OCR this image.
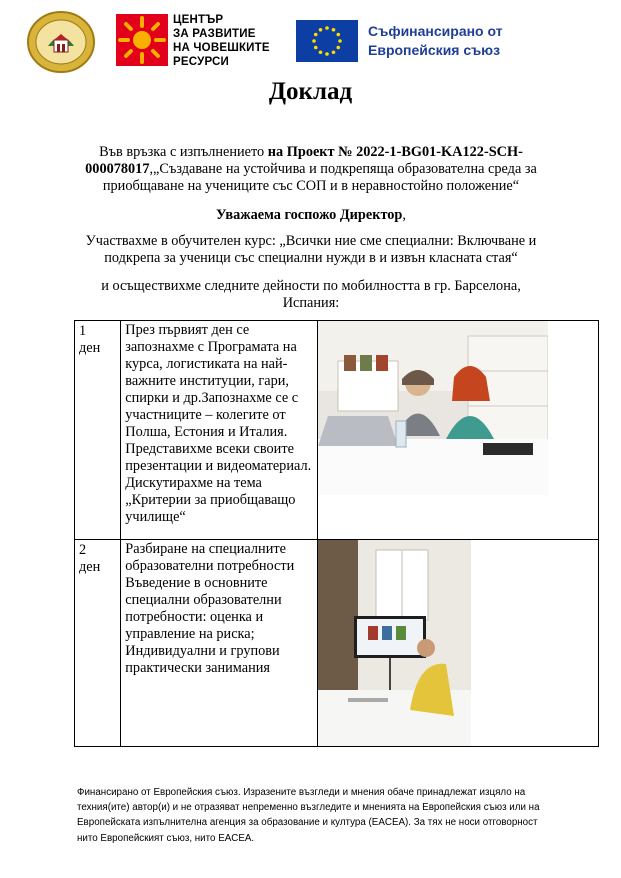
ЦЕНТЪР
ЗА РАЗВИТИЕ
НА ЧОВЕШКИТЕ
РЕСУРСИ
Съфинансирано от
Европейския съюз
Доклад
Във връзка с изпълнението на Проект № 2022-1-BG01-KA122-SCH-000078017,„Създаване на устойчива и подкрепяща образователна среда за приобщаване на учениците със СОП и в неравностойно положение“
Уважаема госпожо Директор,
Участвахме в обучителен курс: „Всички ние сме специални: Включване и подкрепа за ученици със специални нужди в и извън класната стая“
и осъществихме следните дейности по мобилността в гр. Барселона, Испания:
1
ден	През първият ден се запознахме с Програмата на курса, логистиката на най-важните институции, гари, спирки и др.Запознахме се с участниците – колегите от Полша, Естония и Италия. Представихме всеки своите презентации и видеоматериал. Дискутирахме на тема „Критерии за приобщаващо училище“	

2
ден	Разбиране на специалните образователни потребности Въведение в основните специални образователни потребности: оценка и управление на риска; Индивидуални и групови практически занимания	
Финансирано от Европейския съюз. Изразените възгледи и мнения обаче принадлежат изцяло на техния(ите) автор(и) и не отразяват непременно възгледите и мненията на Европейския съюз или на Европейската изпълнителна агенция за образование и култура (EACEA). За тях не носи отговорност нито Европейският съюз, нито EACEA.
